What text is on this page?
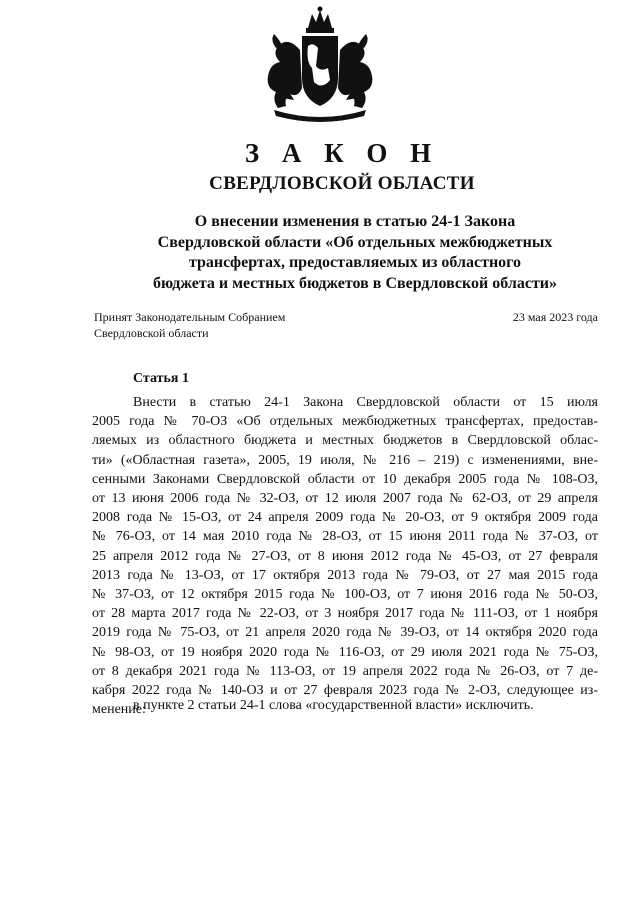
З А К О Н
СВЕРДЛОВСКОЙ ОБЛАСТИ
О внесении изменения в статью 24-1 Закона
Свердловской области «Об отдельных межбюджетных
трансфертах, предоставляемых из областного
бюджета и местных бюджетов в Свердловской области»
Принят Законодательным Собранием
Свердловской области
23 мая 2023 года
Статья 1
Внести в статью 24-1 Закона Свердловской области от 15 июля
2005 года № 70-ОЗ «Об отдельных межбюджетных трансфертах, предостав-
ляемых из областного бюджета и местных бюджетов в Свердловской облас-
ти» («Областная газета», 2005, 19 июля, № 216 – 219) с изменениями, вне-
сенными Законами Свердловской области от 10 декабря 2005 года № 108-ОЗ,
от 13 июня 2006 года № 32-ОЗ, от 12 июля 2007 года № 62-ОЗ, от 29 апреля
2008 года № 15-ОЗ, от 24 апреля 2009 года № 20-ОЗ, от 9 октября 2009 года
№ 76-ОЗ, от 14 мая 2010 года № 28-ОЗ, от 15 июня 2011 года № 37-ОЗ, от
25 апреля 2012 года № 27-ОЗ, от 8 июня 2012 года № 45-ОЗ, от 27 февраля
2013 года № 13-ОЗ, от 17 октября 2013 года № 79-ОЗ, от 27 мая 2015 года
№ 37-ОЗ, от 12 октября 2015 года № 100-ОЗ, от 7 июня 2016 года № 50-ОЗ,
от 28 марта 2017 года № 22-ОЗ, от 3 ноября 2017 года № 111-ОЗ, от 1 ноября
2019 года № 75-ОЗ, от 21 апреля 2020 года № 39-ОЗ, от 14 октября 2020 года
№ 98-ОЗ, от 19 ноября 2020 года № 116-ОЗ, от 29 июля 2021 года № 75-ОЗ,
от 8 декабря 2021 года № 113-ОЗ, от 19 апреля 2022 года № 26-ОЗ, от 7 де-
кабря 2022 года № 140-ОЗ и от 27 февраля 2023 года № 2-ОЗ, следующее из-
менение:
в пункте 2 статьи 24-1 слова «государственной власти» исключить.
